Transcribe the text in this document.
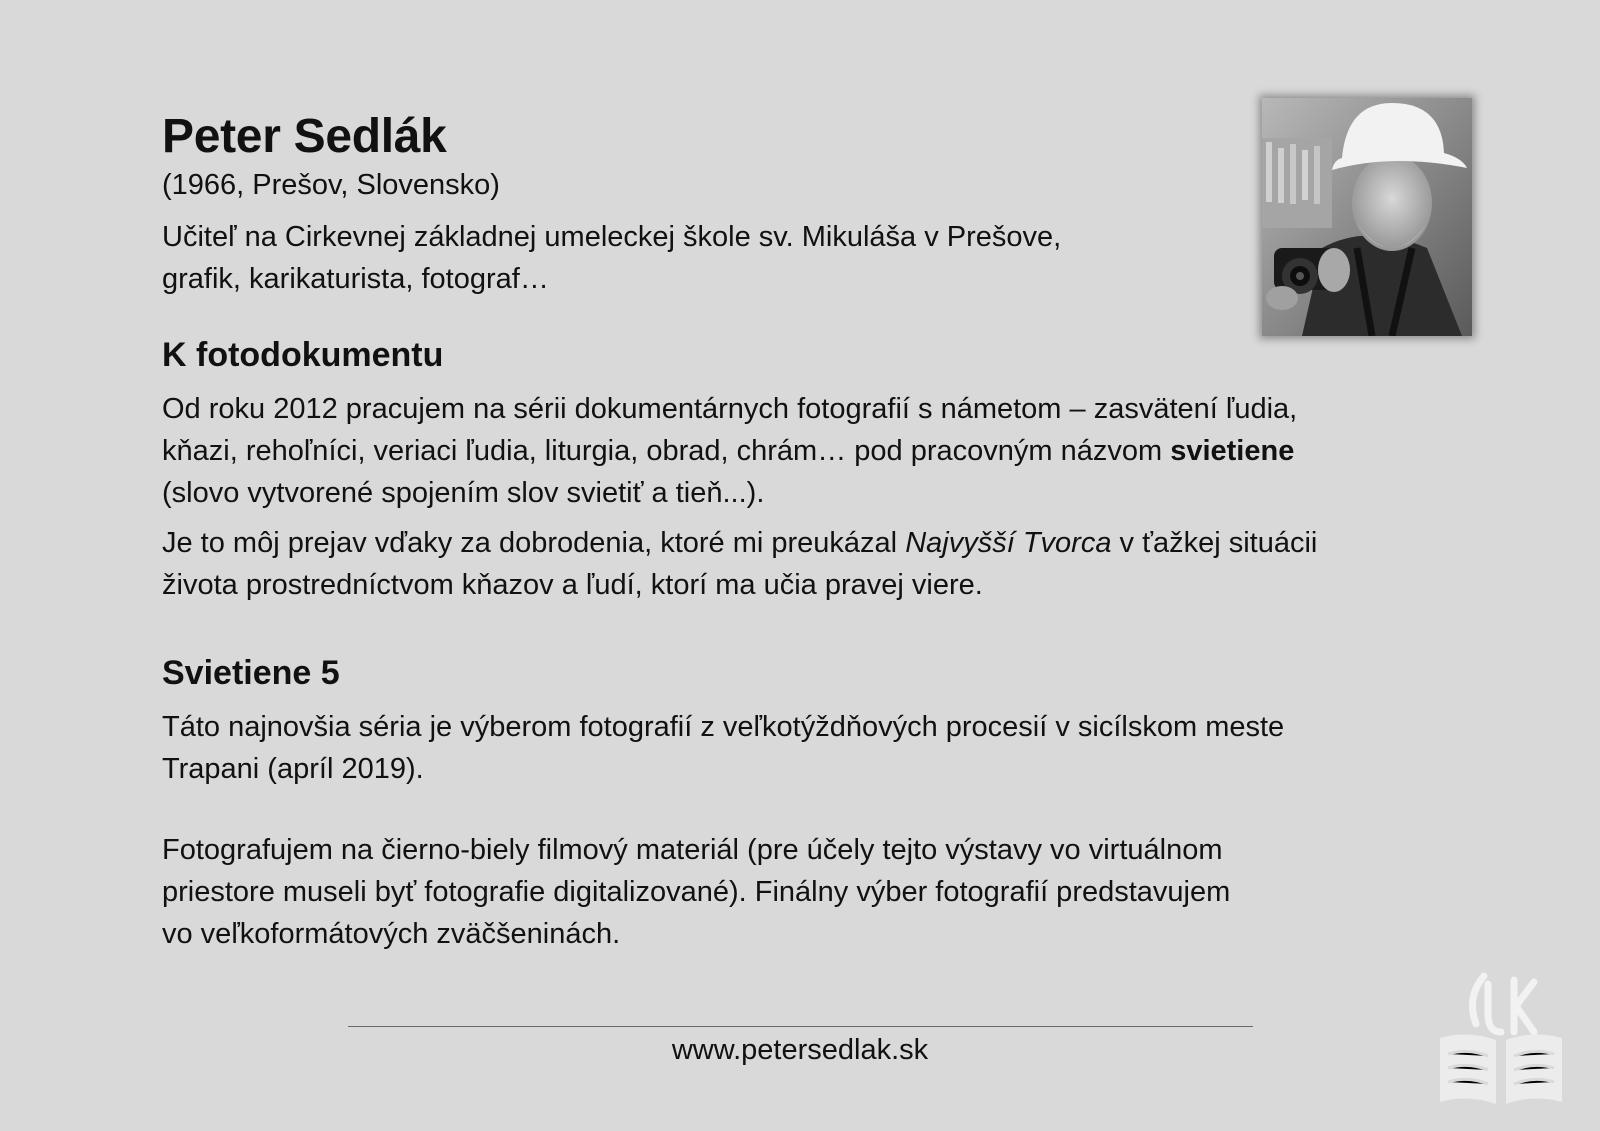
Peter Sedlák

(1966, Prešov, Slovensko)

Učiteľ na Cirkevnej základnej umeleckej škole sv. Mikuláša v Prešove,
grafik, karikaturista, fotograf…

K fotodokumentu

Od roku 2012 pracujem na sérii dokumentárnych fotografií s námetom – zasvätení ľudia,
kňazi, rehoľníci, veriaci ľudia, liturgia, obrad, chrám… pod pracovným názvom svietiene
(slovo vytvorené spojením slov svietiť a tieň...).

Je to môj prejav vďaky za dobrodenia, ktoré mi preukázal Najvyšší Tvorca v ťažkej situácii
života prostredníctvom kňazov a ľudí, ktorí ma učia pravej viere.

Svietiene 5

Táto najnovšia séria je výberom fotografií z veľkotýždňových procesií v sicílskom meste
Trapani (apríl 2019).

Fotografujem na čierno-biely filmový materiál (pre účely tejto výstavy vo virtuálnom
priestore museli byť fotografie digitalizované). Finálny výber fotografií predstavujem
vo veľkoformátových zväčšeninách.

www.petersedlak.sk
